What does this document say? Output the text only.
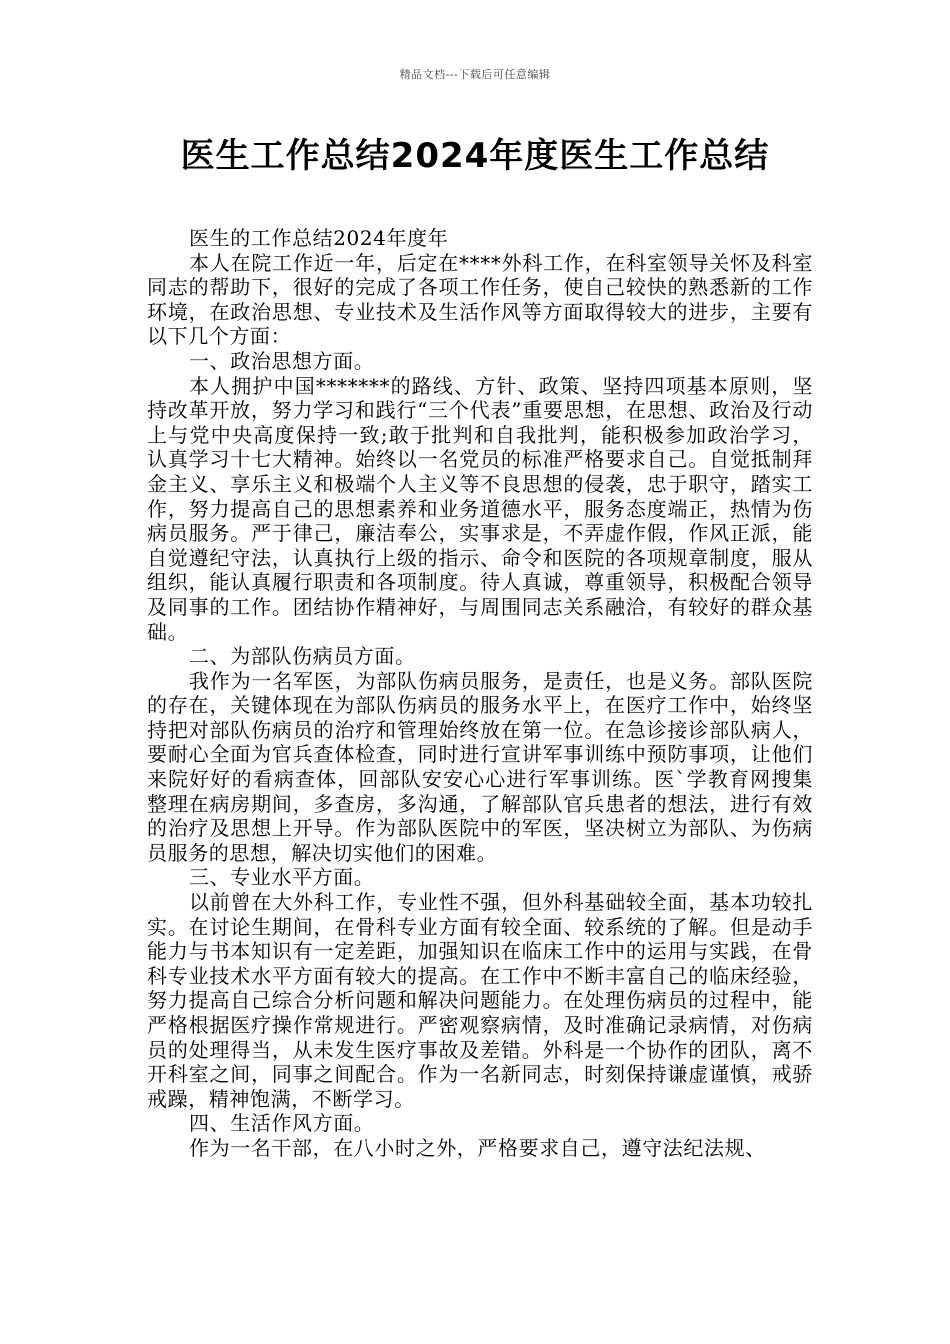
精品文档---下载后可任意编辑
医生工作总结2024年度医生工作总结

医生的工作总结2024年度年

本人在院工作近一年，后定在****外科工作，在科室领导关怀及科室同志的帮助下，很好的完成了各项工作任务，使自己较快的熟悉新的工作环境，在政治思想、专业技术及生活作风等方面取得较大的进步，主要有以下几个方面：

一、政治思想方面。

本人拥护中国*******的路线、方针、政策、坚持四项基本原则，坚持改革开放，努力学习和践行“三个代表”重要思想，在思想、政治及行动上与党中央高度保持一致;敢于批判和自我批判，能积极参加政治学习，认真学习十七大精神。始终以一名党员的标准严格要求自己。自觉抵制拜金主义、享乐主义和极端个人主义等不良思想的侵袭，忠于职守，踏实工作，努力提高自己的思想素养和业务道德水平，服务态度端正，热情为伤病员服务。严于律己，廉洁奉公，实事求是，不弄虚作假，作风正派，能自觉遵纪守法，认真执行上级的指示、命令和医院的各项规章制度，服从组织，能认真履行职责和各项制度。待人真诚，尊重领导，积极配合领导及同事的工作。团结协作精神好，与周围同志关系融洽，有较好的群众基础。

二、为部队伤病员方面。

我作为一名军医，为部队伤病员服务，是责任，也是义务。部队医院的存在，关键体现在为部队伤病员的服务水平上，在医疗工作中，始终坚持把对部队伤病员的治疗和管理始终放在第一位。在急诊接诊部队病人，要耐心全面为官兵查体检查，同时进行宣讲军事训练中预防事项，让他们来院好好的看病查体，回部队安安心心进行军事训练。医`学教育网搜集整理在病房期间，多查房，多沟通，了解部队官兵患者的想法，进行有效的治疗及思想上开导。作为部队医院中的军医，坚决树立为部队、为伤病员服务的思想，解决切实他们的困难。

三、专业水平方面。

以前曾在大外科工作，专业性不强，但外科基础较全面，基本功较扎实。在讨论生期间，在骨科专业方面有较全面、较系统的了解。但是动手能力与书本知识有一定差距，加强知识在临床工作中的运用与实践，在骨科专业技术水平方面有较大的提高。在工作中不断丰富自己的临床经验，努力提高自己综合分析问题和解决问题能力。在处理伤病员的过程中，能严格根据医疗操作常规进行。严密观察病情，及时准确记录病情，对伤病员的处理得当，从未发生医疗事故及差错。外科是一个协作的团队，离不开科室之间，同事之间配合。作为一名新同志，时刻保持谦虚谨慎，戒骄戒躁，精神饱满，不断学习。

四、生活作风方面。

作为一名干部，在八小时之外，严格要求自己，遵守法纪法规、
